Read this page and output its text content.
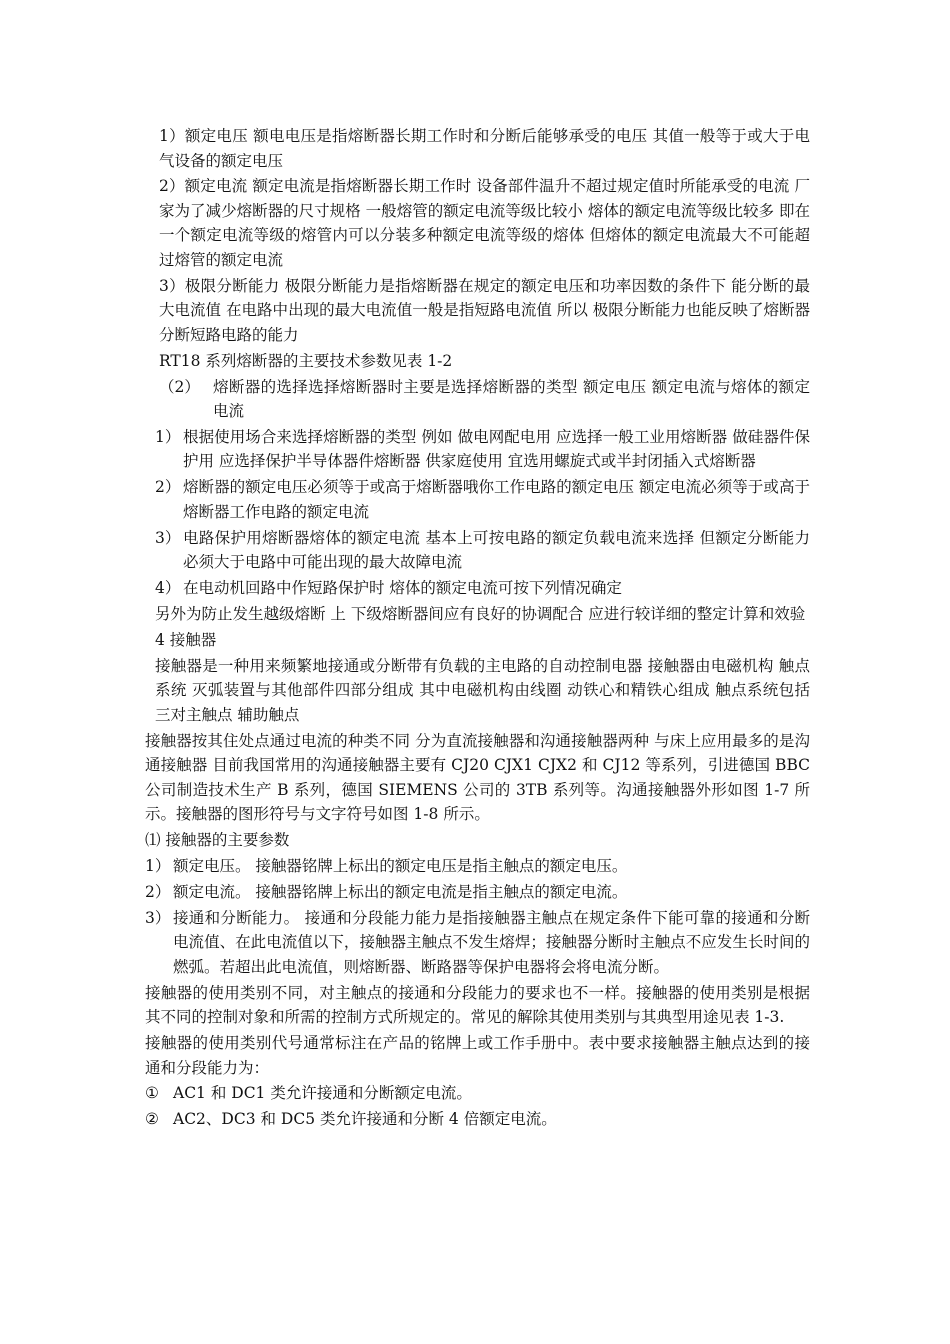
1）额定电压 额电电压是指熔断器长期工作时和分断后能够承受的电压 其值一般等于或大于电气设备的额定电压

2）额定电流 额定电流是指熔断器长期工作时 设备部件温升不超过规定值时所能承受的电流 厂家为了减少熔断器的尺寸规格 一般熔管的额定电流等级比较小 熔体的额定电流等级比较多 即在一个额定电流等级的熔管内可以分装多种额定电流等级的熔体 但熔体的额定电流最大不可能超过熔管的额定电流

3）极限分断能力 极限分断能力是指熔断器在规定的额定电压和功率因数的条件下 能分断的最大电流值 在电路中出现的最大电流值一般是指短路电流值 所以 极限分断能力也能反映了熔断器分断短路电路的能力

RT18 系列熔断器的主要技术参数见表 1-2

（2） 熔断器的选择选择熔断器时主要是选择熔断器的类型 额定电压 额定电流与熔体的额定电流
1） 根据使用场合来选择熔断器的类型 例如 做电网配电用 应选择一般工业用熔断器 做硅器件保护用 应选择保护半导体器件熔断器 供家庭使用 宜选用螺旋式或半封闭插入式熔断器
2） 熔断器的额定电压必须等于或高于熔断器哦你工作电路的额定电压 额定电流必须等于或高于熔断器工作电路的额定电流
3） 电路保护用熔断器熔体的额定电流 基本上可按电路的额定负载电流来选择 但额定分断能力必须大于电路中可能出现的最大故障电流
4） 在电动机回路中作短路保护时 熔体的额定电流可按下列情况确定

另外为防止发生越级熔断 上 下级熔断器间应有良好的协调配合 应进行较详细的整定计算和效验

4 接触器

接触器是一种用来频繁地接通或分断带有负载的主电路的自动控制电器 接触器由电磁机构 触点系统 灭弧装置与其他部件四部分组成 其中电磁机构由线圈 动铁心和精铁心组成 触点系统包括三对主触点 辅助触点

接触器按其住处点通过电流的种类不同 分为直流接触器和沟通接触器两种 与床上应用最多的是沟通接触器 目前我国常用的沟通接触器主要有 CJ20 CJX1 CJX2 和 CJ12 等系列，引进德国 BBC 公司制造技术生产 B 系列，德国 SIEMENS 公司的 3TB 系列等。沟通接触器外形如图 1-7 所示。接触器的图形符号与文字符号如图 1-8 所示。

⑴ 接触器的主要参数

1） 额定电压。 接触器铭牌上标出的额定电压是指主触点的额定电压。
2） 额定电流。 接触器铭牌上标出的额定电流是指主触点的额定电流。
3） 接通和分断能力。 接通和分段能力能力是指接触器主触点在规定条件下能可靠的接通和分断电流值、在此电流值以下，接触器主触点不发生熔焊；接触器分断时主触点不应发生长时间的燃弧。若超出此电流值，则熔断器、断路器等保护电器将会将电流分断。

接触器的使用类别不同，对主触点的接通和分段能力的要求也不一样。接触器的使用类别是根据其不同的控制对象和所需的控制方式所规定的。常见的解除其使用类别与其典型用途见表 1-3.

接触器的使用类别代号通常标注在产品的铭牌上或工作手册中。表中要求接触器主触点达到的接通和分段能力为：

① AC1 和 DC1 类允许接通和分断额定电流。
② AC2、DC3 和 DC5 类允许接通和分断 4 倍额定电流。
